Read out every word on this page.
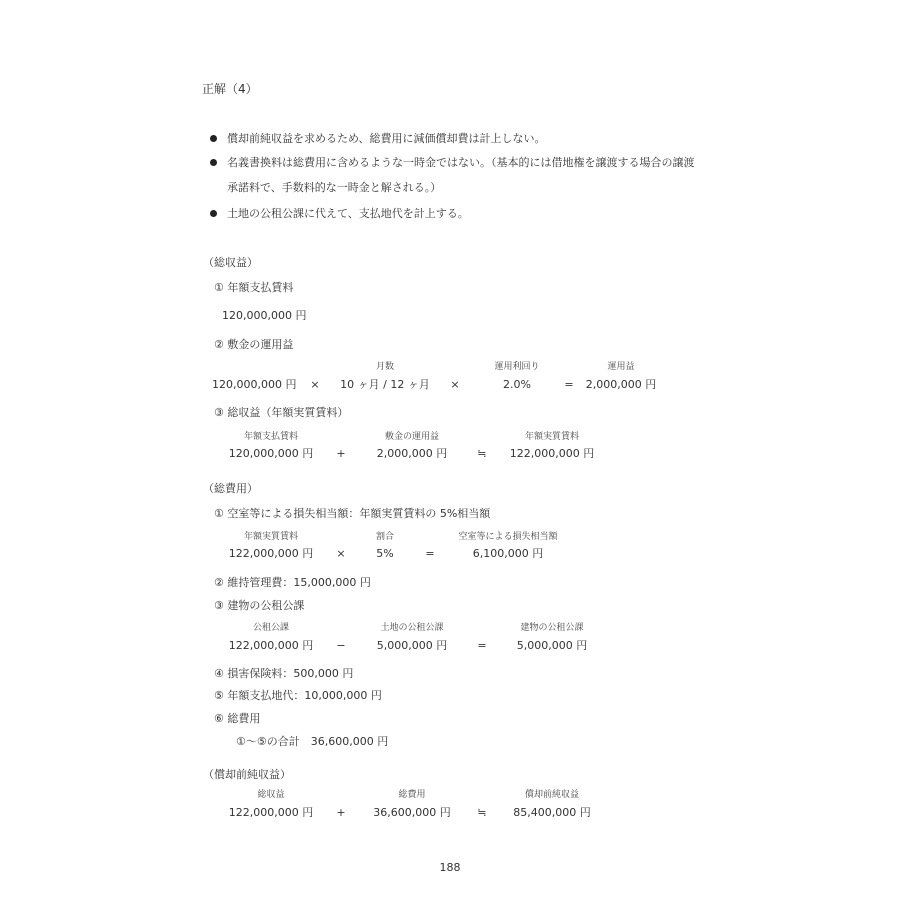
正解（4）
償却前純収益を求めるため、総費用に減価償却費は計上しない。
名義書換料は総費用に含めるような一時金ではない。（基本的には借地権を譲渡する場合の譲渡
承諾料で、手数料的な一時金と解される。）
土地の公租公課に代えて、支払地代を計上する。
（総収益）
① 年額支払賃料
120,000,000 円
② 敷金の運用益
月数	運用利回り	運用益
120,000,000 円 × 10 ヶ月 / 12 ヶ月 ×	2.0%	= 2,000,000 円
③ 総収益（年額実質賃料）
年額支払賃料	敷金の運用益	年額実質賃料
120,000,000 円 +	2,000,000 円	≒ 122,000,000 円
（総費用）
① 空室等による損失相当額：年額実質賃料の 5%相当額
年額実質賃料	割合	空室等による損失相当額
122,000,000 円 ×	5%	=	6,100,000 円
② 維持管理費：15,000,000 円
③ 建物の公租公課
公租公課	土地の公租公課	建物の公租公課
122,000,000 円 −	5,000,000 円	=	5,000,000 円
④ 損害保険料：500,000 円
⑤ 年額支払地代：10,000,000 円
⑥ 総費用
①〜⑤の合計　36,600,000 円
（償却前純収益）
総収益	総費用	償却前純収益
122,000,000 円 +	36,600,000 円 ≒ 85,400,000 円
188
